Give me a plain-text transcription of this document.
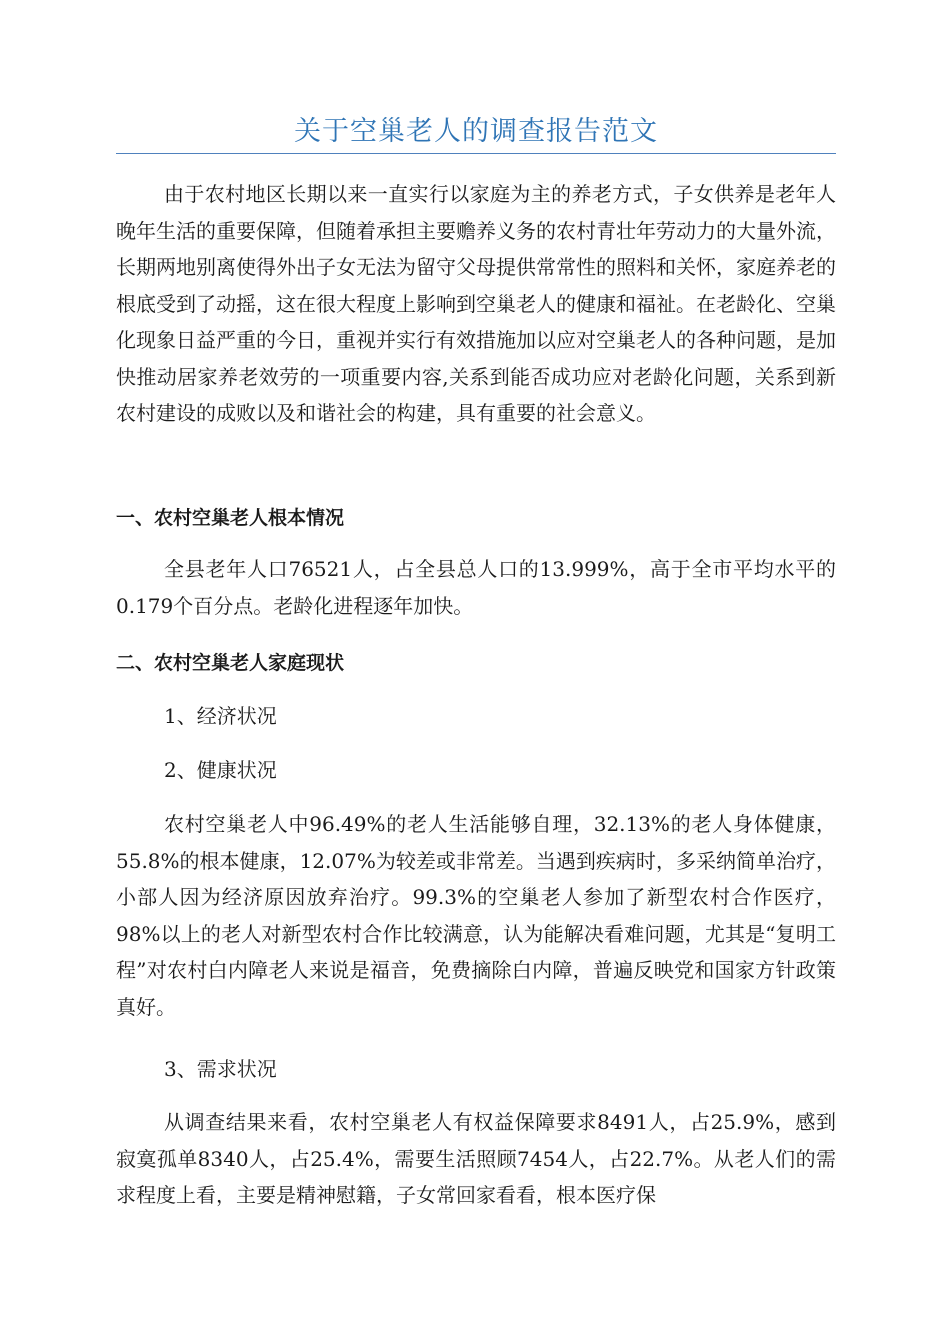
关于空巢老人的调查报告范文

由于农村地区长期以来一直实行以家庭为主的养老方式，子女供养是老年人晚年生活的重要保障，但随着承担主要赡养义务的农村青壮年劳动力的大量外流，长期两地别离使得外出子女无法为留守父母提供常常性的照料和关怀，家庭养老的根底受到了动摇，这在很大程度上影响到空巢老人的健康和福祉。在老龄化、空巢化现象日益严重的今日，重视并实行有效措施加以应对空巢老人的各种问题，是加快推动居家养老效劳的一项重要内容,关系到能否成功应对老龄化问题，关系到新农村建设的成败以及和谐社会的构建，具有重要的社会意义。

一、农村空巢老人根本情况

全县老年人口76521人，占全县总人口的13.999%，高于全市平均水平的0.179个百分点。老龄化进程逐年加快。

二、农村空巢老人家庭现状

1、经济状况

2、健康状况

农村空巢老人中96.49%的老人生活能够自理，32.13%的老人身体健康，55.8%的根本健康，12.07%为较差或非常差。当遇到疾病时，多采纳简单治疗，小部人因为经济原因放弃治疗。99.3%的空巢老人参加了新型农村合作医疗，98%以上的老人对新型农村合作比较满意，认为能解决看难问题，尤其是“复明工程”对农村白内障老人来说是福音，免费摘除白内障，普遍反映党和国家方针政策真好。

3、需求状况

从调查结果来看，农村空巢老人有权益保障要求8491人，占25.9%，感到寂寞孤单8340人，占25.4%，需要生活照顾7454人，占22.7%。从老人们的需求程度上看，主要是精神慰籍，子女常回家看看，根本医疗保
